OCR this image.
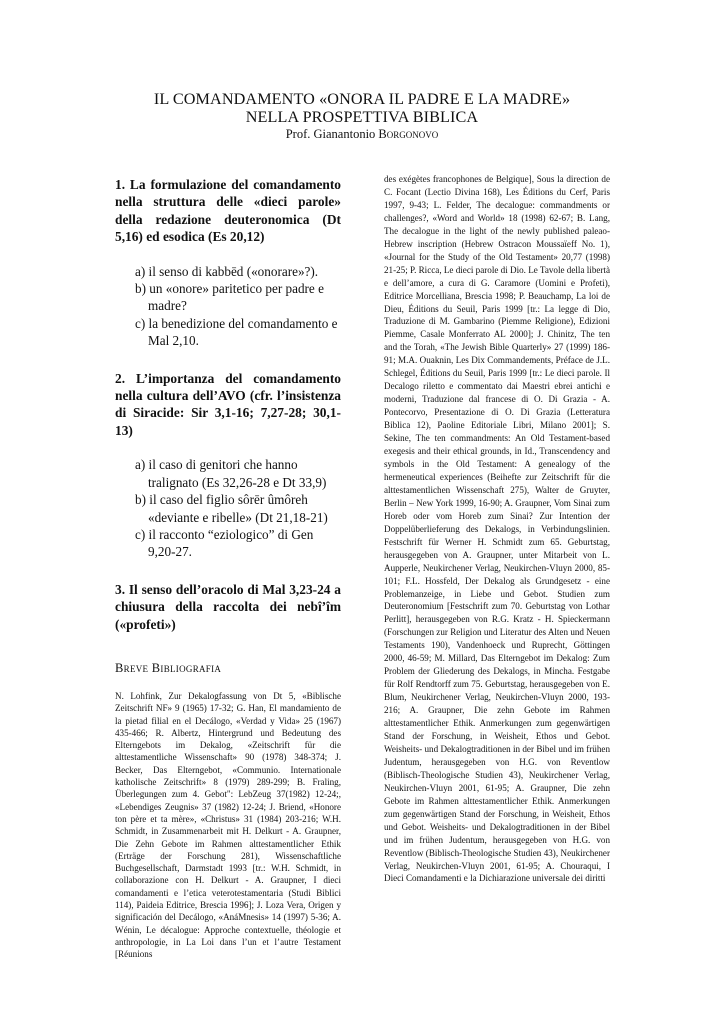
IL COMANDAMENTO «ONORA IL PADRE E LA MADRE»
NELLA PROSPETTIVA BIBLICA
Prof. Gianantonio Borgonovo

1. La formulazione del comandamento nella struttura delle «dieci parole» della redazione deuteronomica (Dt 5,16) ed esodica (Es 20,12)

a) il senso di kabbēd («onorare»?).
b) un «onore» paritetico per padre e madre?
c) la benedizione del comandamento e Mal 2,10.

2. L’importanza del comandamento nella cultura dell’AVO (cfr. l’insistenza di Siracide: Sir 3,1-16; 7,27-28; 30,1-13)

a) il caso di genitori che hanno tralignato (Es 32,26-28 e Dt 33,9)
b) il caso del figlio sôrēr ûmôreh «deviante e ribelle» (Dt 21,18-21)
c) il racconto “eziologico” di Gen 9,20-27.

3. Il senso dell’oracolo di Mal 3,23-24 a chiusura della raccolta dei nebî’îm («profeti»)

Breve Bibliografia

N. Lohfink, Zur Dekalogfassung von Dt 5, «Biblische Zeitschrift NF» 9 (1965) 17-32; G. Han, El mandamiento de la pietad filial en el Decálogo, «Verdad y Vida» 25 (1967) 435-466; R. Albertz, Hintergrund und Bedeutung des Elterngebots im Dekalog, «Zeitschrift für die alttestamentliche Wissenschaft» 90 (1978) 348-374; J. Becker, Das Elterngebot, «Communio. Internationale katholische Zeitschrift» 8 (1979) 289-299; B. Fraling, Überlegungen zum 4. Gebot": LebZeug 37(1982) 12-24;, «Lebendiges Zeugnis» 37 (1982) 12-24; J. Briend, «Honore ton père et ta mère», «Christus» 31 (1984) 203-216; W.H. Schmidt, in Zusammenarbeit mit H. Delkurt - A. Graupner, Die Zehn Gebote im Rahmen alttestamentlicher Ethik (Erträge der Forschung 281), Wissenschaftliche Buchgesellschaft, Darmstadt 1993 [tr.: W.H. Schmidt, in collaborazione con H. Delkurt - A. Graupner, I dieci comandamenti e l’etica veterotestamentaria (Studi Biblici 114), Paideia Editrice, Brescia 1996]; J. Loza Vera, Origen y significación del Decálogo, «AnáMnesis» 14 (1997) 5-36; A. Wénin, Le décalogue: Approche contextuelle, théologie et anthropologie, in La Loi dans l’un et l’autre Testament [Réunions

des exégètes francophones de Belgique], Sous la direction de C. Focant (Lectio Divina 168), Les Éditions du Cerf, Paris 1997, 9-43; L. Felder, The decalogue: commandments or challenges?, «Word and World» 18 (1998) 62-67; B. Lang, The decalogue in the light of the newly published paleao-Hebrew inscription (Hebrew Ostracon Moussaïeff No. 1), «Journal for the Study of the Old Testament» 20,77 (1998) 21-25; P. Ricca, Le dieci parole di Dio. Le Tavole della libertà e dell’amore, a cura di G. Caramore (Uomini e Profeti), Editrice Morcelliana, Brescia 1998; P. Beauchamp, La loi de Dieu, Éditions du Seuil, Paris 1999 [tr.: La legge di Dio, Traduzione di M. Gambarino (Piemme Religione), Edizioni Piemme, Casale Monferrato AL 2000]; J. Chinitz, The ten and the Torah, «The Jewish Bible Quarterly» 27 (1999) 186-91; M.A. Ouaknin, Les Dix Commandements, Préface de J.L. Schlegel, Éditions du Seuil, Paris 1999 [tr.: Le dieci parole. Il Decalogo riletto e commentato dai Maestri ebrei antichi e moderni, Traduzione dal francese di O. Di Grazia - A. Pontecorvo, Presentazione di O. Di Grazia (Letteratura Biblica 12), Paoline Editoriale Libri, Milano 2001]; S. Sekine, The ten commandments: An Old Testament-based exegesis and their ethical grounds, in Id., Transcendency and symbols in the Old Testament: A genealogy of the hermeneutical experiences (Beihefte zur Zeitschrift für die alttestamentlichen Wissenschaft 275), Walter de Gruyter, Berlin – New York 1999, 16-90; A. Graupner, Vom Sinai zum Horeb oder vom Horeb zum Sinai? Zur Intention der Doppelüberlieferung des Dekalogs, in Verbindungslinien. Festschrift für Werner H. Schmidt zum 65. Geburtstag, herausgegeben von A. Graupner, unter Mitarbeit von L. Aupperle, Neukirchener Verlag, Neukirchen-Vluyn 2000, 85-101; F.L. Hossfeld, Der Dekalog als Grundgesetz - eine Problemanzeige, in Liebe und Gebot. Studien zum Deuteronomium [Festschrift zum 70. Geburtstag von Lothar Perlitt], herausgegeben von R.G. Kratz - H. Spieckermann (Forschungen zur Religion und Literatur des Alten und Neuen Testaments 190), Vandenhoeck und Ruprecht, Göttingen 2000, 46-59; M. Millard, Das Elterngebot im Dekalog: Zum Problem der Gliederung des Dekalogs, in Mincha. Festgabe für Rolf Rendtorff zum 75. Geburtstag, herausgegeben von E. Blum, Neukirchener Verlag, Neukirchen-Vluyn 2000, 193-216; A. Graupner, Die zehn Gebote im Rahmen alttestamentlicher Ethik. Anmerkungen zum gegenwärtigen Stand der Forschung, in Weisheit, Ethos und Gebot. Weisheits- und Dekalogtraditionen in der Bibel und im frühen Judentum, herausgegeben von H.G. von Reventlow (Biblisch-Theologische Studien 43), Neukirchener Verlag, Neukirchen-Vluyn 2001, 61-95; A. Graupner, Die zehn Gebote im Rahmen alttestamentlicher Ethik. Anmerkungen zum gegenwärtigen Stand der Forschung, in Weisheit, Ethos und Gebot. Weisheits- und Dekalogtraditionen in der Bibel und im frühen Judentum, herausgegeben von H.G. von Reventlow (Biblisch-Theologische Studien 43), Neukirchener Verlag, Neukirchen-Vluyn 2001, 61-95; A. Chouraqui, I Dieci Comandamenti e la Dichiarazione universale dei diritti
